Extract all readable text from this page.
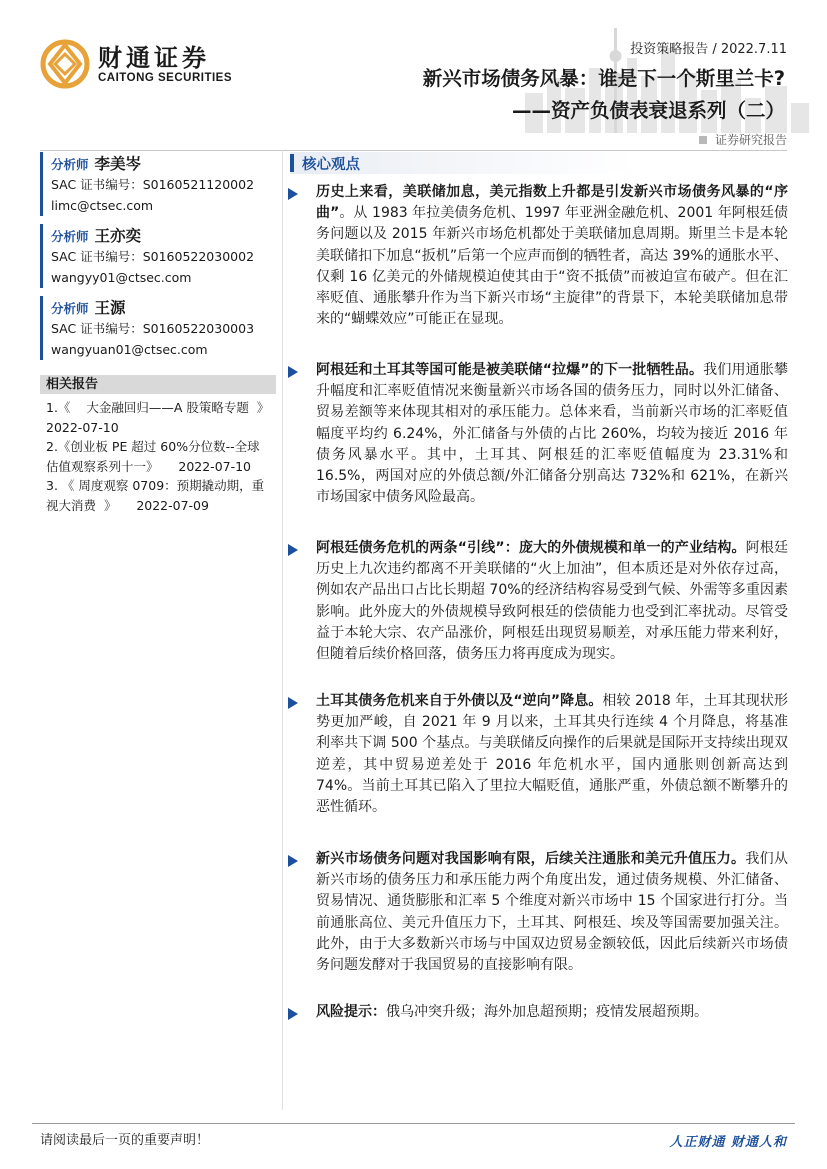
财通证券
CAITONG SECURITIES
投资策略报告 / 2022.7.11
新兴市场债务风暴：谁是下一个斯里兰卡?
——资产负债表衰退系列（二）
证券研究报告
分析师 李美岑
SAC 证书编号：S0160521120002
limc@ctsec.com
分析师 王亦奕
SAC 证书编号：S0160522030002
wangyy01@ctsec.com
分析师 王源
SAC 证书编号：S0160522030003
wangyuan01@ctsec.com
相关报告
1.《    大金融回归——A 股策略专题  》
2022-07-10
2.《创业板 PE 超过 60%分位数--全球
估值观察系列十一》     2022-07-10
3. 《 周度观察 0709：预期撬动期，重
视大消费  》     2022-07-09
核心观点
历史上来看，美联储加息，美元指数上升都是引发新兴市场债务风暴的“序曲”。从 1983 年拉美债务危机、1997 年亚洲金融危机、2001 年阿根廷债务问题以及 2015 年新兴市场危机都处于美联储加息周期。斯里兰卡是本轮美联储扣下加息“扳机”后第一个应声而倒的牺牲者，高达 39%的通胀水平、仅剩 16 亿美元的外储规模迫使其由于“资不抵债”而被迫宣布破产。但在汇率贬值、通胀攀升作为当下新兴市场“主旋律”的背景下，本轮美联储加息带来的“蝴蝶效应”可能正在显现。
阿根廷和土耳其等国可能是被美联储“拉爆”的下一批牺牲品。我们用通胀攀升幅度和汇率贬值情况来衡量新兴市场各国的债务压力，同时以外汇储备、贸易差额等来体现其相对的承压能力。总体来看，当前新兴市场的汇率贬值幅度平均约 6.24%，外汇储备与外债的占比 260%，均较为接近 2016 年债务风暴水平。其中，土耳其、阿根廷的汇率贬值幅度为 23.31%和 16.5%，两国对应的外债总额/外汇储备分别高达 732%和 621%，在新兴市场国家中债务风险最高。
阿根廷债务危机的两条“引线”：庞大的外债规模和单一的产业结构。阿根廷历史上九次违约都离不开美联储的“火上加油”，但本质还是对外依存过高，例如农产品出口占比长期超 70%的经济结构容易受到气候、外需等多重因素影响。此外庞大的外债规模导致阿根廷的偿债能力也受到汇率扰动。尽管受益于本轮大宗、农产品涨价，阿根廷出现贸易顺差，对承压能力带来利好，但随着后续价格回落，债务压力将再度成为现实。
土耳其债务危机来自于外债以及“逆向”降息。相较 2018 年，土耳其现状形势更加严峻，自 2021 年 9 月以来，土耳其央行连续 4 个月降息，将基准利率共下调 500 个基点。与美联储反向操作的后果就是国际开支持续出现双逆差，其中贸易逆差处于 2016 年危机水平，国内通胀则创新高达到 74%。当前土耳其已陷入了里拉大幅贬值，通胀严重，外债总额不断攀升的恶性循环。
新兴市场债务问题对我国影响有限，后续关注通胀和美元升值压力。我们从新兴市场的债务压力和承压能力两个角度出发，通过债务规模、外汇储备、贸易情况、通货膨胀和汇率 5 个维度对新兴市场中 15 个国家进行打分。当前通胀高位、美元升值压力下，土耳其、阿根廷、埃及等国需要加强关注。此外，由于大多数新兴市场与中国双边贸易金额较低，因此后续新兴市场债务问题发酵对于我国贸易的直接影响有限。
风险提示：俄乌冲突升级；海外加息超预期；疫情发展超预期。
请阅读最后一页的重要声明！	人正财通 财通人和
